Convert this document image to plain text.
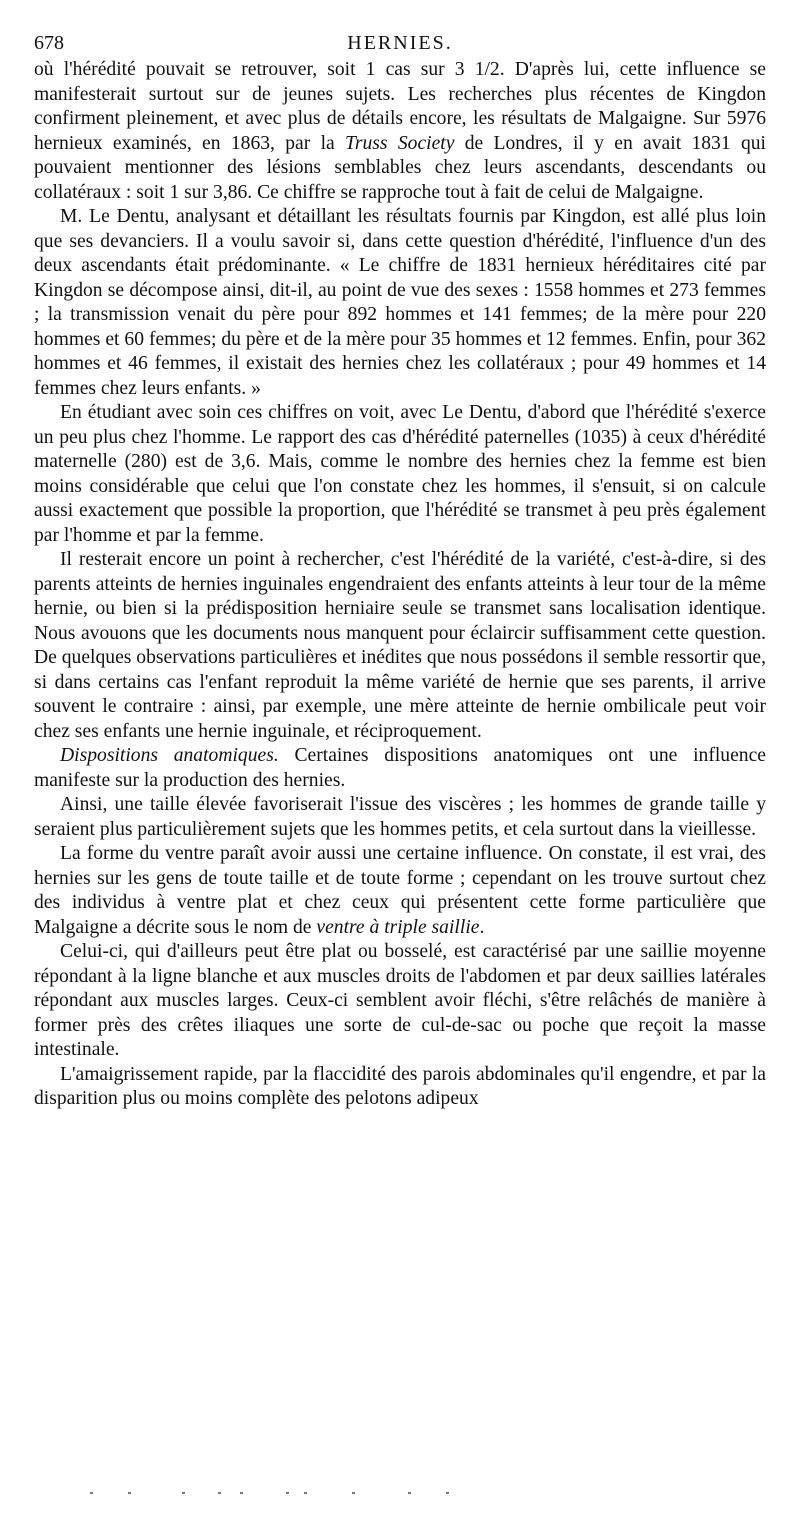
678	HERNIES.

où l'hérédité pouvait se retrouver, soit 1 cas sur 3 1/2. D'après lui, cette influence se manifesterait surtout sur de jeunes sujets. Les recherches plus récentes de Kingdon confirment pleinement, et avec plus de détails encore, les résultats de Malgaigne. Sur 5976 hernieux examinés, en 1863, par la Truss Society de Londres, il y en avait 1831 qui pouvaient mentionner des lésions semblables chez leurs ascendants, descendants ou collatéraux : soit 1 sur 3,86. Ce chiffre se rapproche tout à fait de celui de Malgaigne.

M. Le Dentu, analysant et détaillant les résultats fournis par Kingdon, est allé plus loin que ses devanciers. Il a voulu savoir si, dans cette question d'hérédité, l'influence d'un des deux ascendants était prédominante. « Le chiffre de 1831 hernieux héréditaires cité par Kingdon se décompose ainsi, dit-il, au point de vue des sexes : 1558 hommes et 273 femmes ; la transmission venait du père pour 892 hommes et 141 femmes; de la mère pour 220 hommes et 60 femmes; du père et de la mère pour 35 hommes et 12 femmes. Enfin, pour 362 hommes et 46 femmes, il existait des hernies chez les collatéraux ; pour 49 hommes et 14 femmes chez leurs enfants. »

En étudiant avec soin ces chiffres on voit, avec Le Dentu, d'abord que l'hérédité s'exerce un peu plus chez l'homme. Le rapport des cas d'hérédité paternelles (1035) à ceux d'hérédité maternelle (280) est de 3,6. Mais, comme le nombre des hernies chez la femme est bien moins considérable que celui que l'on constate chez les hommes, il s'ensuit, si on calcule aussi exactement que possible la proportion, que l'hérédité se transmet à peu près également par l'homme et par la femme.

Il resterait encore un point à rechercher, c'est l'hérédité de la variété, c'est-à-dire, si des parents atteints de hernies inguinales engendraient des enfants atteints à leur tour de la même hernie, ou bien si la prédisposition herniaire seule se transmet sans localisation identique. Nous avouons que les documents nous manquent pour éclaircir suffisamment cette question. De quelques observations particulières et inédites que nous possédons il semble ressortir que, si dans certains cas l'enfant reproduit la même variété de hernie que ses parents, il arrive souvent le contraire : ainsi, par exemple, une mère atteinte de hernie ombilicale peut voir chez ses enfants une hernie inguinale, et réciproquement.

Dispositions anatomiques. Certaines dispositions anatomiques ont une influence manifeste sur la production des hernies.

Ainsi, une taille élevée favoriserait l'issue des viscères ; les hommes de grande taille y seraient plus particulièrement sujets que les hommes petits, et cela surtout dans la vieillesse.

La forme du ventre paraît avoir aussi une certaine influence. On constate, il est vrai, des hernies sur les gens de toute taille et de toute forme ; cependant on les trouve surtout chez des individus à ventre plat et chez ceux qui présentent cette forme particulière que Malgaigne a décrite sous le nom de ventre à triple saillie.

Celui-ci, qui d'ailleurs peut être plat ou bosselé, est caractérisé par une saillie moyenne répondant à la ligne blanche et aux muscles droits de l'abdomen et par deux saillies latérales répondant aux muscles larges. Ceux-ci semblent avoir fléchi, s'être relâchés de manière à former près des crêtes iliaques une sorte de cul-de-sac ou poche que reçoit la masse intestinale.

L'amaigrissement rapide, par la flaccidité des parois abdominales qu'il engendre, et par la disparition plus ou moins complète des pelotons adipeux
